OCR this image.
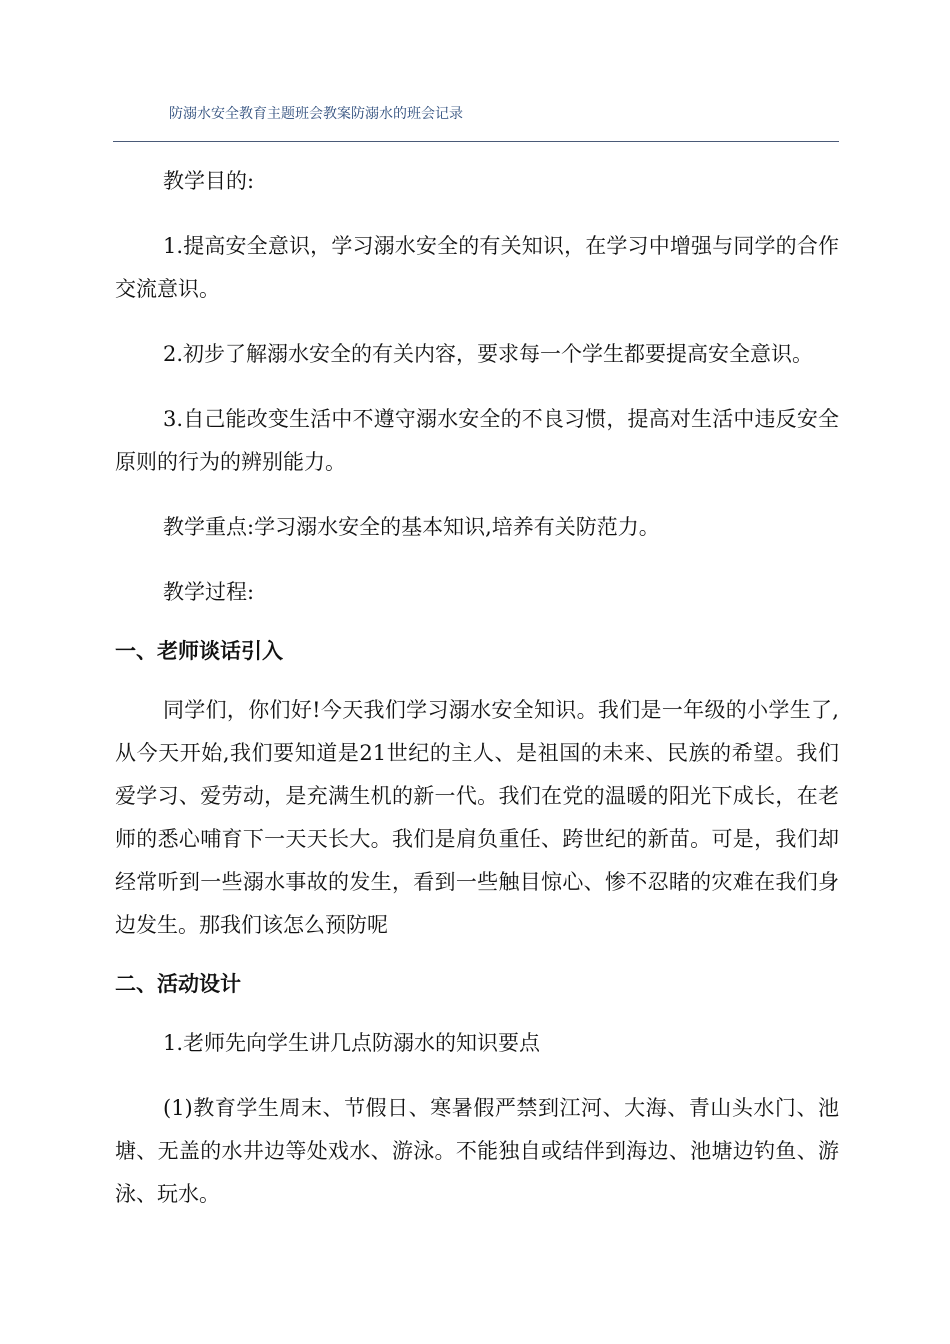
防溺水安全教育主题班会教案防溺水的班会记录

教学目的:

1.提高安全意识，学习溺水安全的有关知识，在学习中增强与同学的合作交流意识。

2.初步了解溺水安全的有关内容，要求每一个学生都要提高安全意识。

3.自己能改变生活中不遵守溺水安全的不良习惯，提高对生活中违反安全原则的行为的辨别能力。

教学重点:学习溺水安全的基本知识,培养有关防范力。

教学过程:

一、老师谈话引入

同学们，你们好!今天我们学习溺水安全知识。我们是一年级的小学生了,从今天开始,我们要知道是21世纪的主人、是祖国的未来、民族的希望。我们爱学习、爱劳动，是充满生机的新一代。我们在党的温暖的阳光下成长，在老师的悉心哺育下一天天长大。我们是肩负重任、跨世纪的新苗。可是，我们却经常听到一些溺水事故的发生，看到一些触目惊心、惨不忍睹的灾难在我们身边发生。那我们该怎么预防呢

二、活动设计

1.老师先向学生讲几点防溺水的知识要点

(1)教育学生周末、节假日、寒暑假严禁到江河、大海、青山头水门、池塘、无盖的水井边等处戏水、游泳。不能独自或结伴到海边、池塘边钓鱼、游泳、玩水。
